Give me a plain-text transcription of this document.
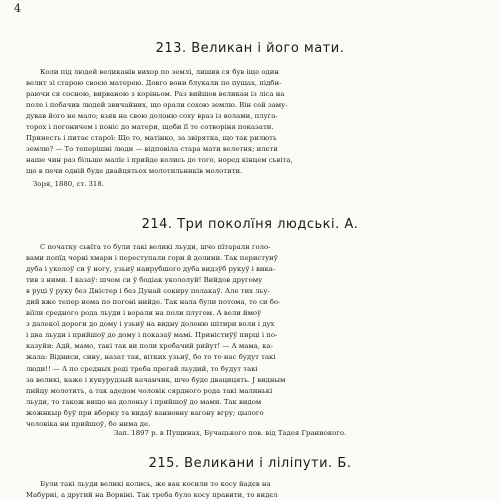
4
213. Великан і його мати.

Коли під людей великанів вихор по землі, лишив ся був іще один

велит зі старою своєю матерею. Довго вони блукали по пущах, підби-

раючи ся сосною, вирваною з коріньом. Раз вийшов великан із ліса на

поле і побачив людей звичайних, що орали сохою землю. Він сей заму-

дував його не мало; взяв на свою долоню соху враз із волами, плуга-

торох і погоничем і поніс до матери, щоби її те сотворіня показати.

Принесть і питає старої: Що то, матінко, за звірятка, що так рилють

землю? — То теперішні люди — відповіла стара мати велетня; илєти

наше чин раз більше малїє і прийде колись до того, норед кінцем сьвіта,

що в печи одній буде двайцятьох молотильників молотити.

Зоря, 1880, ст. 318.
214. Три поколїня людські. А.

С початку сьвїта то були такі великі льуди, шчо пїтарали голо-

вами попїд чорні хмари і переступали гори й долини. Так перистуиў

дуба і уколоў си ў ногу, узьиў наирубшого дуба видзўб рукуў і вика-

тив з ними. І казаў: шчом си ў бодіак укололуй! Вийдов другому

в руці ў руку без Дністер і без Дунай сокиру полакаў. Але тих льу-

дий вже тепер нема по погоні нийде. Так нала були потома, то си бо-

віїли средного рода льуди і ворали на поли плугом. А вели ймоў

з далекої дороги до дому і узьиў на видну долоню шітири воли і дух

і два льуди і прийшоў до дому і показаў мамі. Приністиўў пирці і по-

казуйи: Адй, мамо, такі так ви поли хробачий рийут! — А мама, ка-

жала: Відниси, сину, назат так, вітких узьиў, бо то то нас будут такі

люди!! — А по средных роді треба прегай льудий, то будут такі

за великі, каже і кукурудзый качанчик, шчо буде двацицять. Ј видным

пийцу молотить, а так адедом чоловік сярдного рода такі малинькі

льуди, то також вищо на долоньу і прийшоў до мами. Так видом

жожнкыр буў при вборку та видаў ванновну вагону вгру; цылого

чоловіка ни прийшоў, бо нима де.

Зап. 1897 р. в Пущинах, Бучацького пов. від Тадея Граниокого.
215. Великани і ліліпути. Б.

Були такі льуди великі колись, же вак косили то косу йадєв на

Мабуриі, а другий на Ворвіні. Так треба було косу правити, то видєл
